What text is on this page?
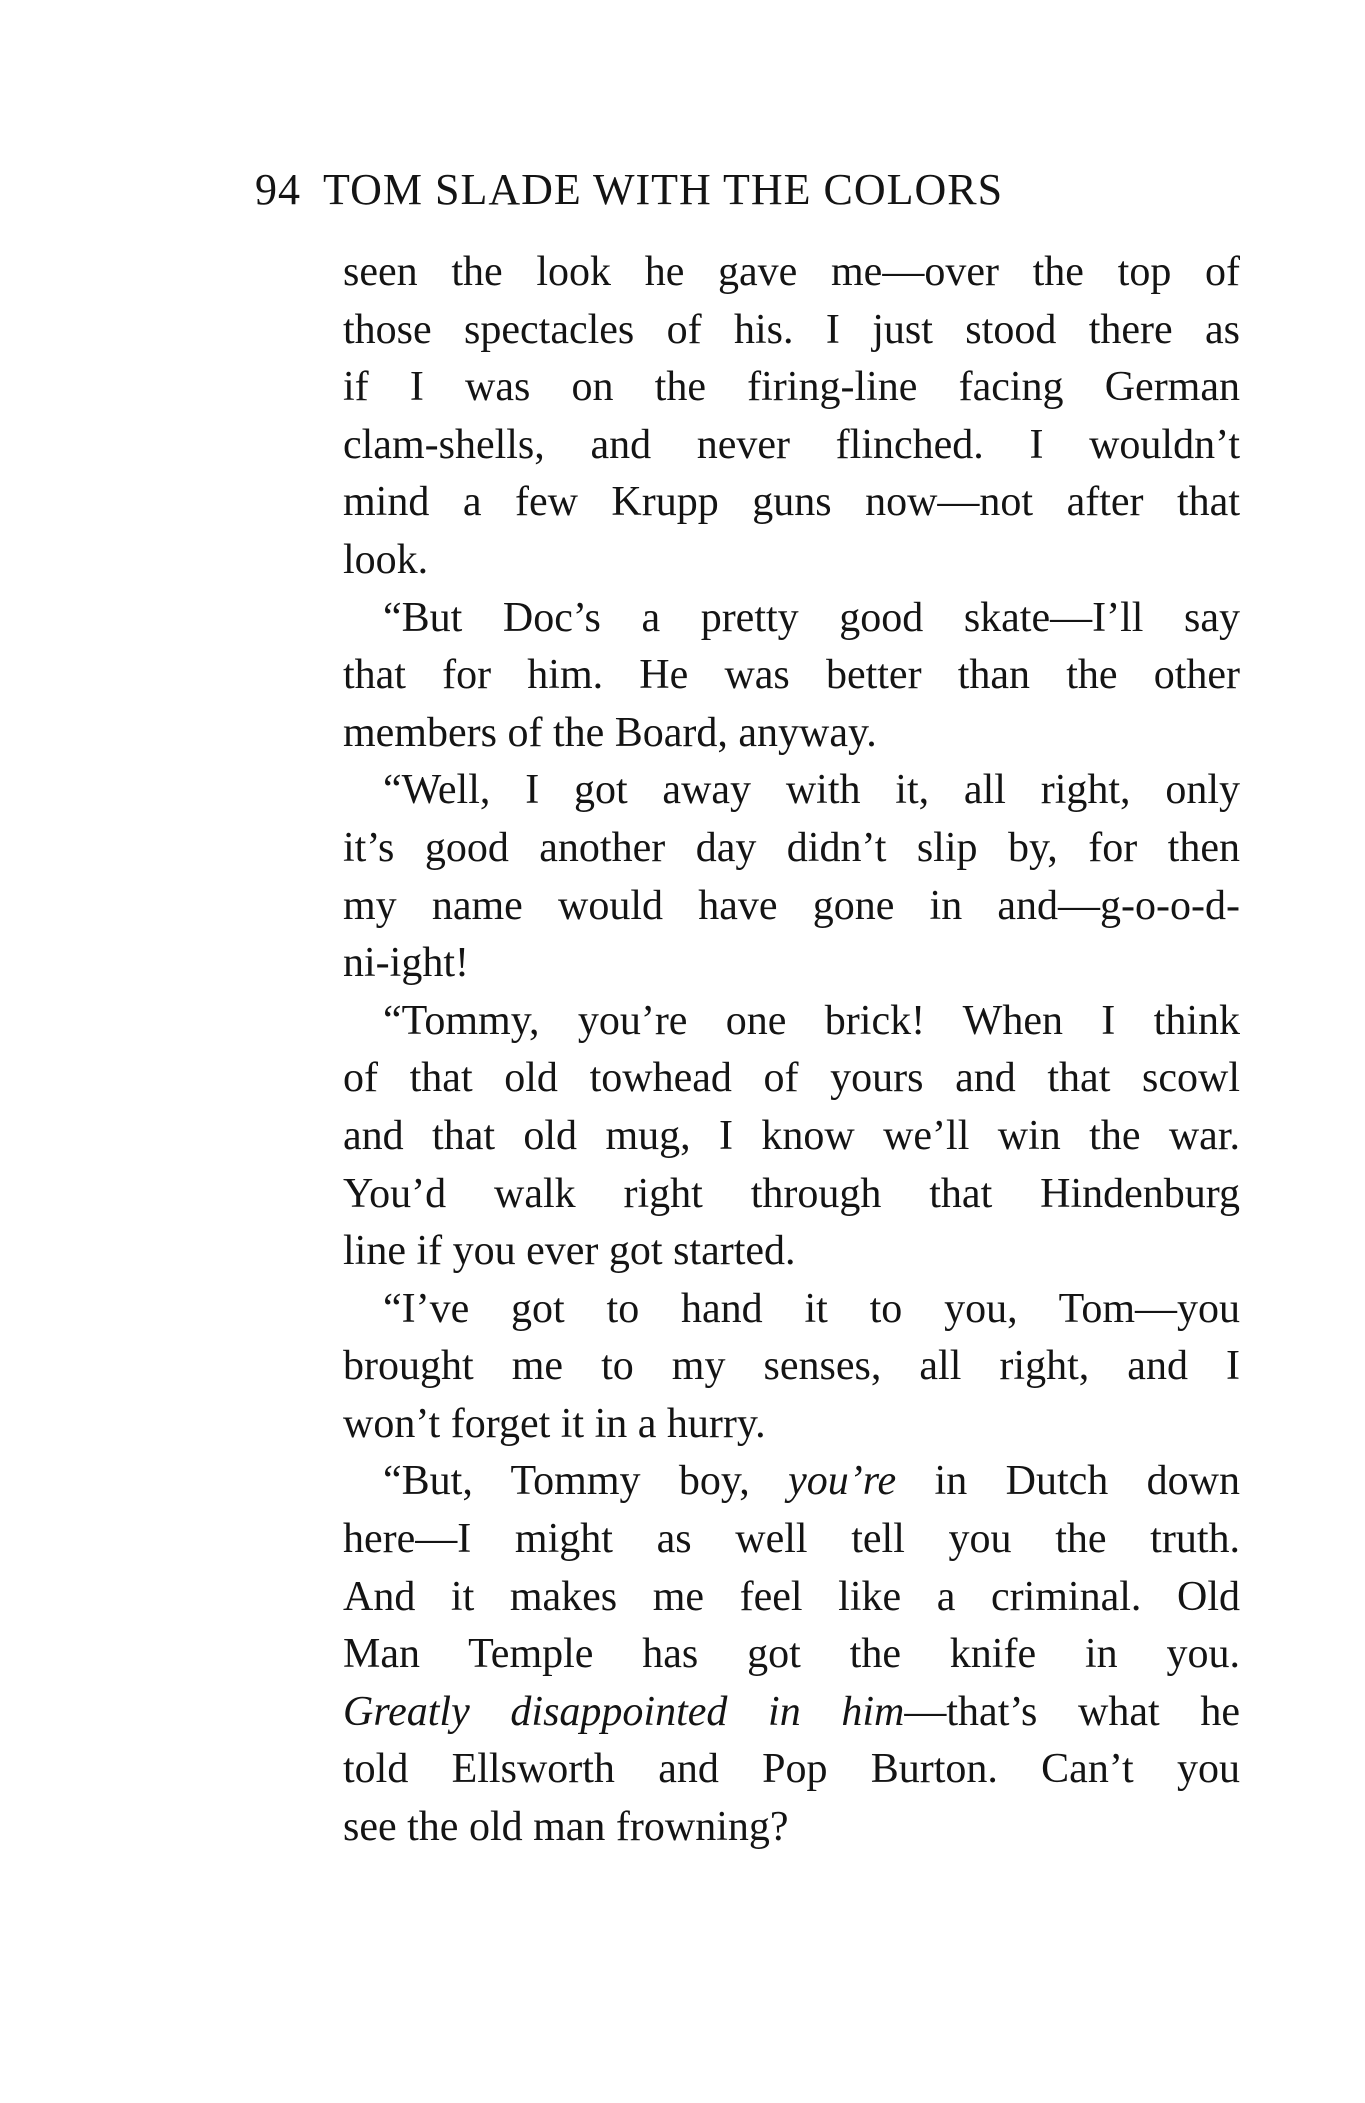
94 TOM SLADE WITH THE COLORS
seen the look he gave me—over the top of
those spectacles of his. I just stood there as
if I was on the firing-line facing German
clam-shells, and never flinched. I wouldn’t
mind a few Krupp guns now—not after that
look.
“But Doc’s a pretty good skate—I’ll say
that for him. He was better than the other
members of the Board, anyway.
“Well, I got away with it, all right, only
it’s good another day didn’t slip by, for then
my name would have gone in and—g-o-o-d-
ni-ight!
“Tommy, you’re one brick! When I think
of that old towhead of yours and that scowl
and that old mug, I know we’ll win the war.
You’d walk right through that Hindenburg
line if you ever got started.
“I’ve got to hand it to you, Tom—you
brought me to my senses, all right, and I
won’t forget it in a hurry.
“But, Tommy boy, you’re in Dutch down
here—I might as well tell you the truth.
And it makes me feel like a criminal. Old
Man Temple has got the knife in you.
Greatly disappointed in him—that’s what he
told Ellsworth and Pop Burton. Can’t you
see the old man frowning?
